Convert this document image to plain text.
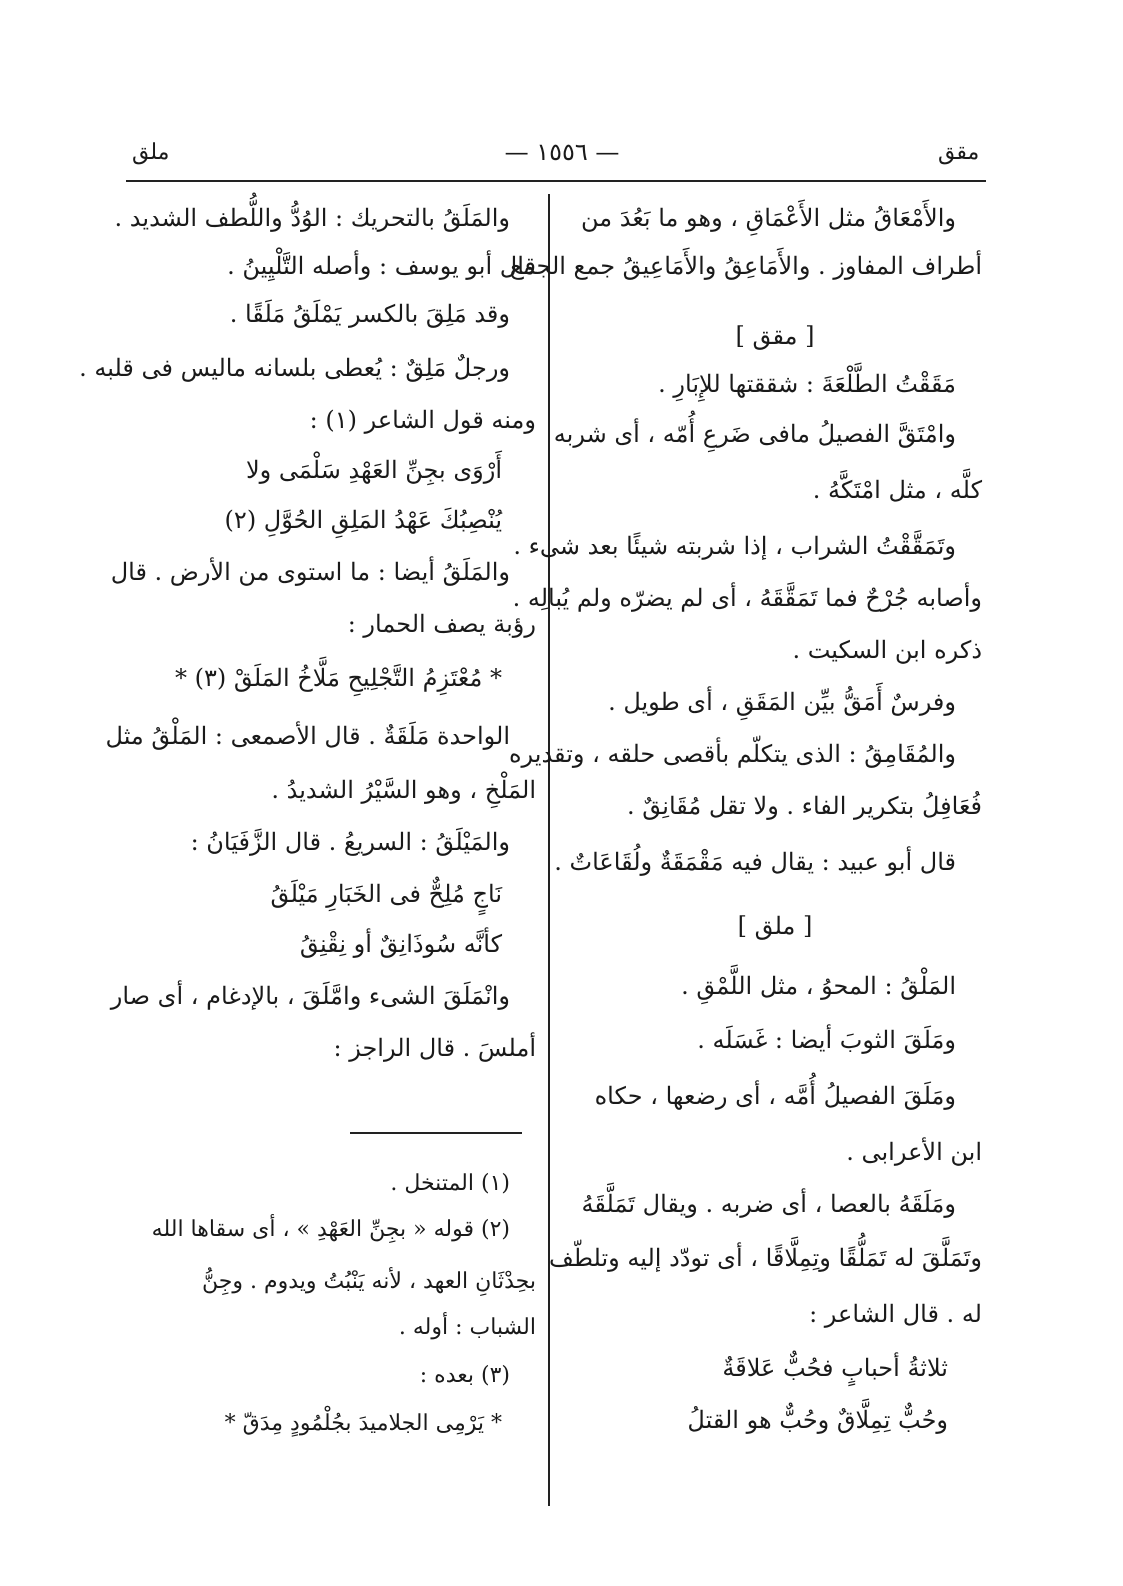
ملق	— ١٥٥٦ —	مقق
والأَمْعَاقُ مثل الأَعْمَاقِ ، وهو ما بَعُدَ من
أطراف المفاوز . والأَمَاعِقُ والأَمَاعِيقُ جمع الجمع
[ مقق ]
مَقَقْتُ الطَّلْعَةَ : شققتها للإِبَارِ .
وامْتَقَّ الفصيلُ مافى ضَرعِ أُمّه ، أى شربه
كلَّه ، مثل امْتَكَّهُ .
وتَمَقَّقْتُ الشراب ، إذا شربته شيئًا بعد شىء .
وأصابه جُرْحٌ فما تَمَقَّقَهُ ، أى لم يضرّه ولم يُبالِه .
ذكره ابن السكيت .
وفرسٌ أَمَقُّ بيِّن المَقَقِ ، أى طويل .
والمُقَامِقُ : الذى يتكلّم بأقصى حلقه ، وتقديره
فُعَافِلُ بتكرير الفاء . ولا تقل مُقَانِقٌ .
قال أبو عبيد : يقال فيه مَقْمَقَةٌ ولُقَاعَاتٌ .
[ ملق ]
المَلْقُ : المحوُ ، مثل اللَّمْقِ .
ومَلَقَ الثوبَ أيضا : غَسَلَه .
ومَلَقَ الفصيلُ أُمَّه ، أى رضعها ، حكاه
ابن الأعرابى .
ومَلَقَهُ بالعصا ، أى ضربه . ويقال تَمَلَّقَهُ
وتَمَلَّقَ له تَمَلُّقًا وتِمِلَّاقًا ، أى تودّد إليه وتلطّف
له . قال الشاعر :
ثلاثةُ أحبابٍ فحُبٌّ عَلاقَةٌ
وحُبٌّ تِمِلَّاقٌ وحُبٌّ هو القتلُ
والمَلَقُ بالتحريك : الوُدُّ واللُّطف الشديد .
قال أبو يوسف : وأصله التَّلْيِينُ .
وقد مَلِقَ بالكسر يَمْلَقُ مَلَقًا .
ورجلٌ مَلِقٌ : يُعطى بلسانه ماليس فى قلبه .
ومنه قول الشاعر (١) :
أَرْوَى بجِنِّ العَهْدِ سَلْمَى ولا
يُنْصِبُكَ عَهْدُ المَلِقِ الحُوَّلِ (٢)
والمَلَقُ أيضا : ما استوى من الأرض . قال
رؤبة يصف الحمار :
* مُعْتَزِمُ التَّجْلِيحِ مَلَّاخُ المَلَقْ (٣) *
الواحدة مَلَقَةٌ . قال الأصمعى : المَلْقُ مثل
المَلْخِ ، وهو السَّيْرُ الشديدُ .
والمَيْلَقُ : السريعُ . قال الزَّفَيَانُ :
نَاجٍ مُلِحٌّ فى الخَبَارِ مَيْلَقُ
كأنَّه سُوذَانِقٌ أو نِقْنِقُ
وانْمَلَقَ الشىء وامَّلَقَ ، بالإدغام ، أى صار
أملسَ . قال الراجز :
(١) المتنخل .
(٢) قوله « بجِنِّ العَهْدِ » ، أى سقاها الله
بحِدْثَانِ العهد ، لأنه يَنْبُتُ ويدوم . وجِنُّ
الشباب : أوله .
(٣) بعده :
* يَرْمِى الجلاميدَ بجُلْمُودٍ مِدَقّ *
